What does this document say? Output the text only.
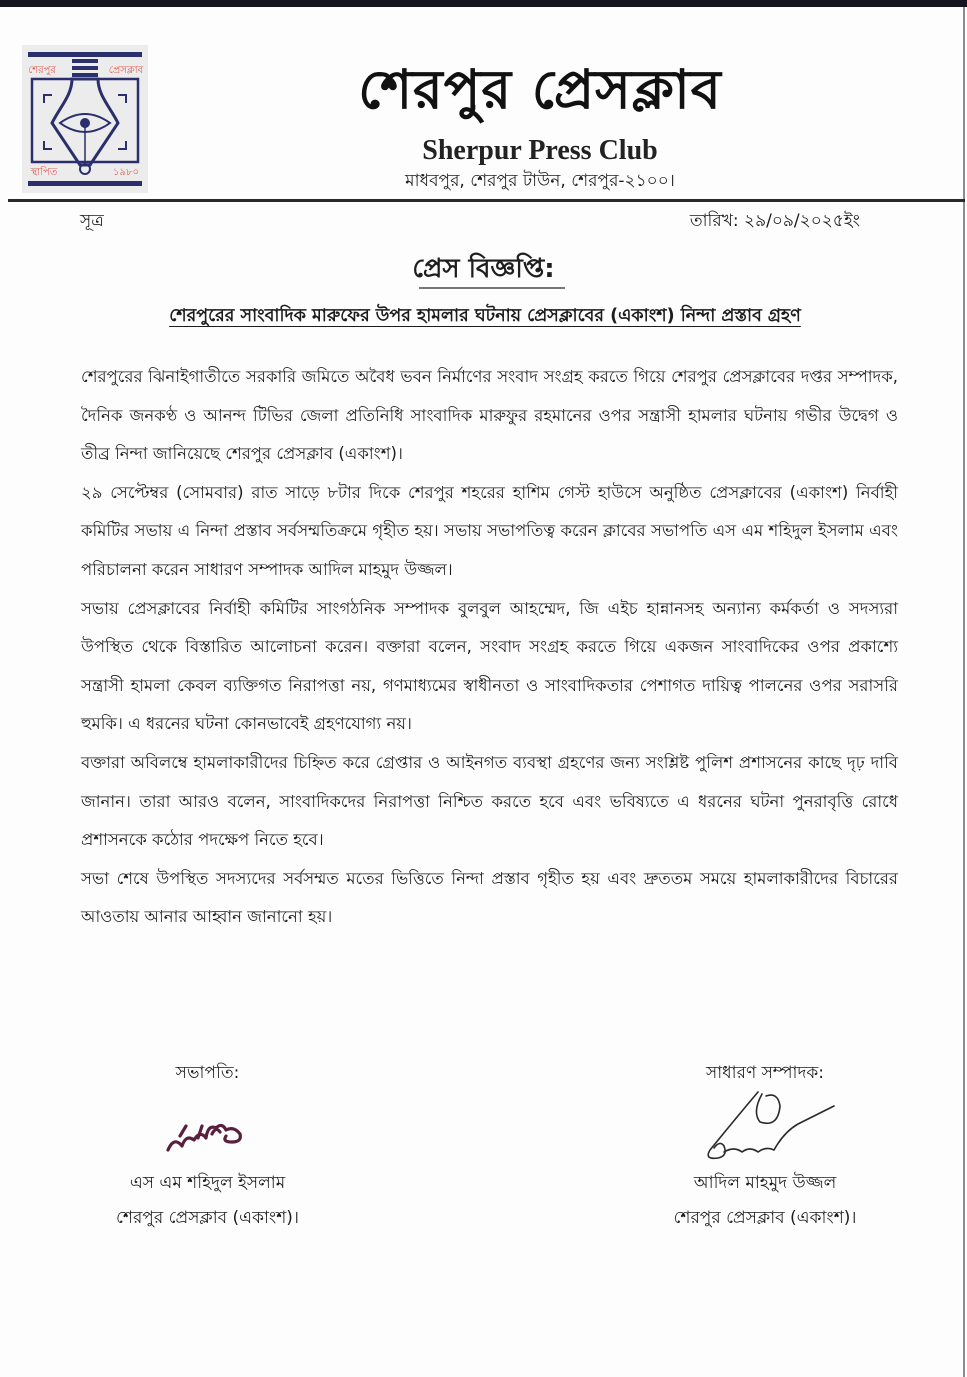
শেরপুর	প্রেসক্লাব
স্থাপিত	১৯৮০
শেরপুর প্রেসক্লাব
Sherpur Press Club
মাধবপুর, শেরপুর টাউন, শেরপুর-২১০০।
সূত্র	তারিখ: ২৯/০৯/২০২৫ইং
প্রেস বিজ্ঞপ্তি:
শেরপুরের সাংবাদিক মারুফের উপর হামলার ঘটনায় প্রেসক্লাবের (একাংশ) নিন্দা প্রস্তাব গ্রহণ

শেরপুরের ঝিনাইগাতীতে সরকারি জমিতে অবৈধ ভবন নির্মাণের সংবাদ সংগ্রহ করতে গিয়ে শেরপুর প্রেসক্লাবের দপ্তর সম্পাদক, দৈনিক জনকণ্ঠ ও আনন্দ টিভির জেলা প্রতিনিধি সাংবাদিক মারুফুর রহমানের ওপর সন্ত্রাসী হামলার ঘটনায় গভীর উদ্বেগ ও তীব্র নিন্দা জানিয়েছে শেরপুর প্রেসক্লাব (একাংশ)।

২৯ সেপ্টেম্বর (সোমবার) রাত সাড়ে ৮টার দিকে শেরপুর শহরের হাশিম গেস্ট হাউসে অনুষ্ঠিত প্রেসক্লাবের (একাংশ) নির্বাহী কমিটির সভায় এ নিন্দা প্রস্তাব সর্বসম্মতিক্রমে গৃহীত হয়। সভায় সভাপতিত্ব করেন ক্লাবের সভাপতি এস এম শহিদুল ইসলাম এবং পরিচালনা করেন সাধারণ সম্পাদক আদিল মাহমুদ উজ্জল।

সভায় প্রেসক্লাবের নির্বাহী কমিটির সাংগঠনিক সম্পাদক বুলবুল আহম্মেদ, জি এইচ হান্নানসহ অন্যান্য কর্মকর্তা ও সদস্যরা উপস্থিত থেকে বিস্তারিত আলোচনা করেন। বক্তারা বলেন, সংবাদ সংগ্রহ করতে গিয়ে একজন সাংবাদিকের ওপর প্রকাশ্যে সন্ত্রাসী হামলা কেবল ব্যক্তিগত নিরাপত্তা নয়, গণমাধ্যমের স্বাধীনতা ও সাংবাদিকতার পেশাগত দায়িত্ব পালনের ওপর সরাসরি হুমকি। এ ধরনের ঘটনা কোনভাবেই গ্রহণযোগ্য নয়।

বক্তারা অবিলম্বে হামলাকারীদের চিহ্নিত করে গ্রেপ্তার ও আইনগত ব্যবস্থা গ্রহণের জন্য সংশ্লিষ্ট পুলিশ প্রশাসনের কাছে দৃঢ় দাবি জানান। তারা আরও বলেন, সাংবাদিকদের নিরাপত্তা নিশ্চিত করতে হবে এবং ভবিষ্যতে এ ধরনের ঘটনা পুনরাবৃত্তি রোধে প্রশাসনকে কঠোর পদক্ষেপ নিতে হবে।

সভা শেষে উপস্থিত সদস্যদের সর্বসম্মত মতের ভিত্তিতে নিন্দা প্রস্তাব গৃহীত হয় এবং দ্রুততম সময়ে হামলাকারীদের বিচারের আওতায় আনার আহ্বান জানানো হয়।

সভাপতি:
এস এম শহিদুল ইসলাম
শেরপুর প্রেসক্লাব (একাংশ)।
সাধারণ সম্পাদক:
আদিল মাহমুদ উজ্জল
শেরপুর প্রেসক্লাব (একাংশ)।
